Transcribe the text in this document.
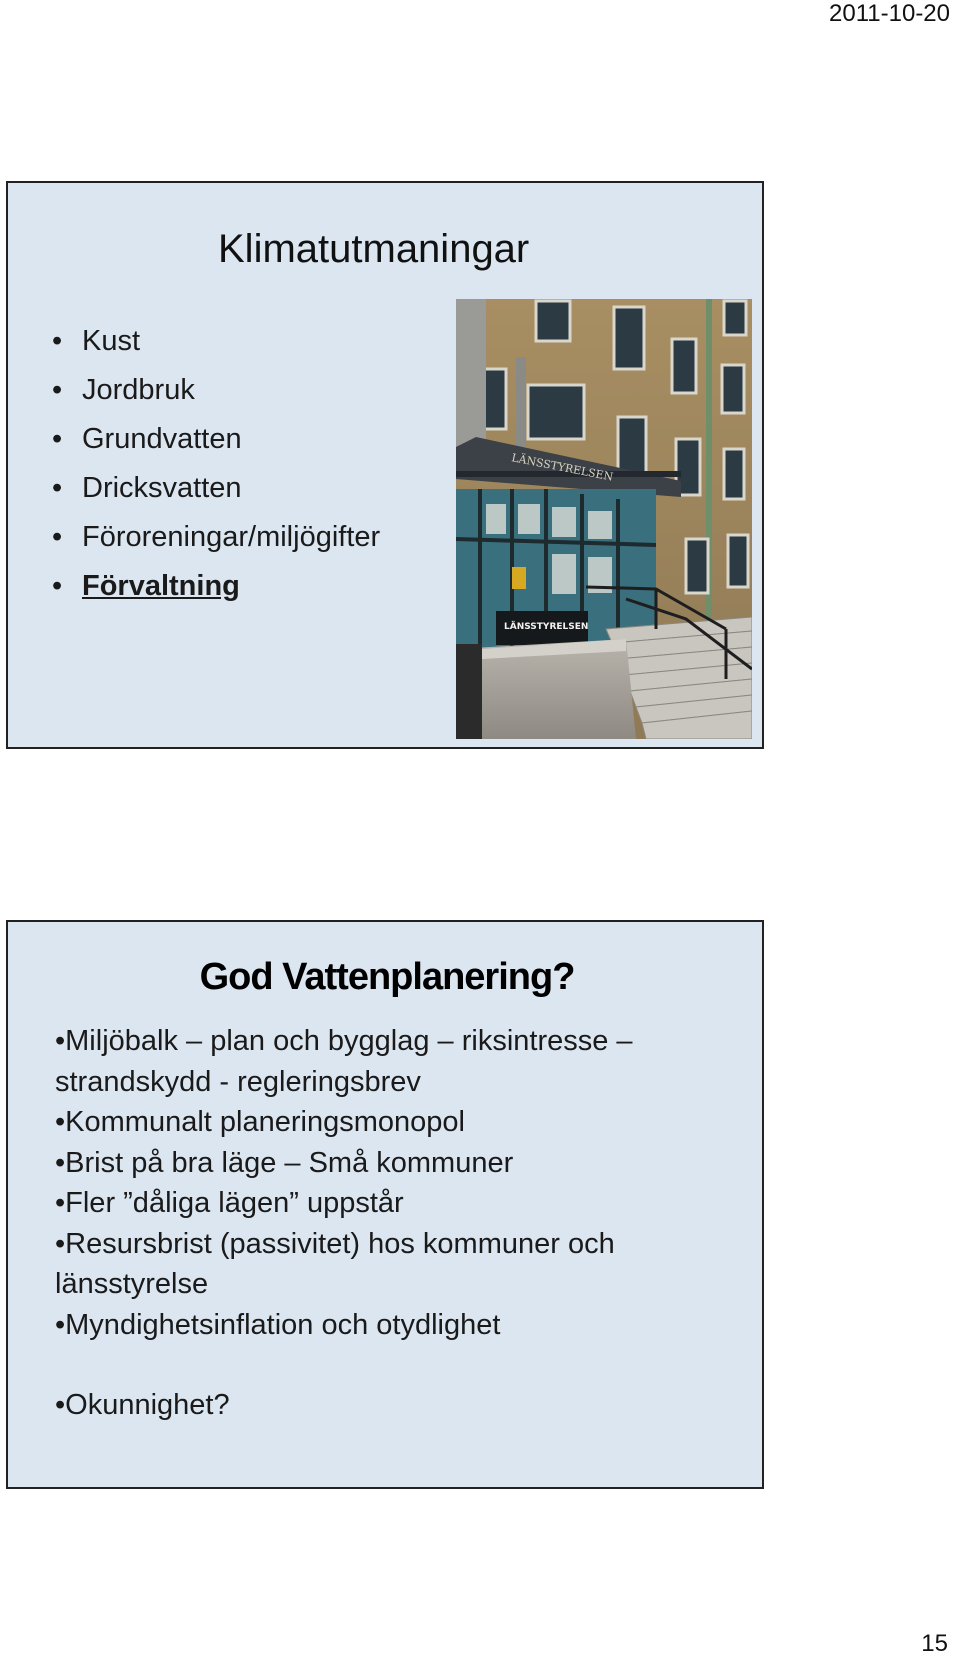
2011-10-20
Klimatutmaningar
• Kust
• Jordbruk
• Grundvatten
• Dricksvatten
• Föroreningar/miljögifter
• Förvaltning
LÄNSSTYRELSEN
LÄNSSTYRELSEN
God Vattenplanering?

•Miljöbalk – plan och bygglag – riksintresse – strandskydd - regleringsbrev

•Kommunalt planeringsmonopol

•Brist på bra läge – Små kommuner

•Fler ”dåliga lägen” uppstår

•Resursbrist (passivitet) hos kommuner och länsstyrelse

•Myndighetsinflation och otydlighet

•Okunnighet?

15
